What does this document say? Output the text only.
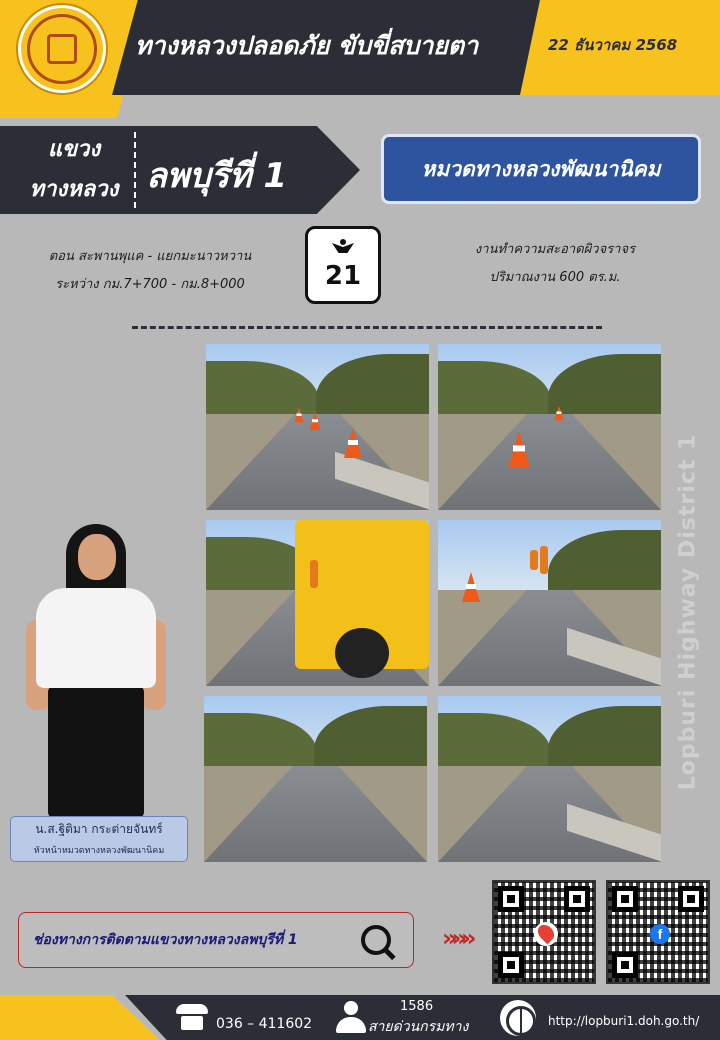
ทางหลวงปลอดภัย ขับขี่สบายตา	22 ธันวาคม 2568
แขวง
ทางหลวง ลพบุรีที่ 1	หมวดทางหลวงพัฒนานิคม
ตอน สะพานพุแค - แยกมะนาวหวาน
ระหว่าง กม.7+700 - กม.8+000	21
งานทำความสะอาดผิวจราจร
ปริมาณงาน 600 ตร.ม.
น.ส.ฐิติมา กระต่ายจันทร์
หัวหน้าหมวดทางหลวงพัฒนานิคม
Lopburi Highway District 1
ช่องทางการติดตามแขวงทางหลวงลพบุรีที่ 1	»»»	f
036 – 411602
1586
สายด่วนกรมทาง	http://lopburi1.doh.go.th/
